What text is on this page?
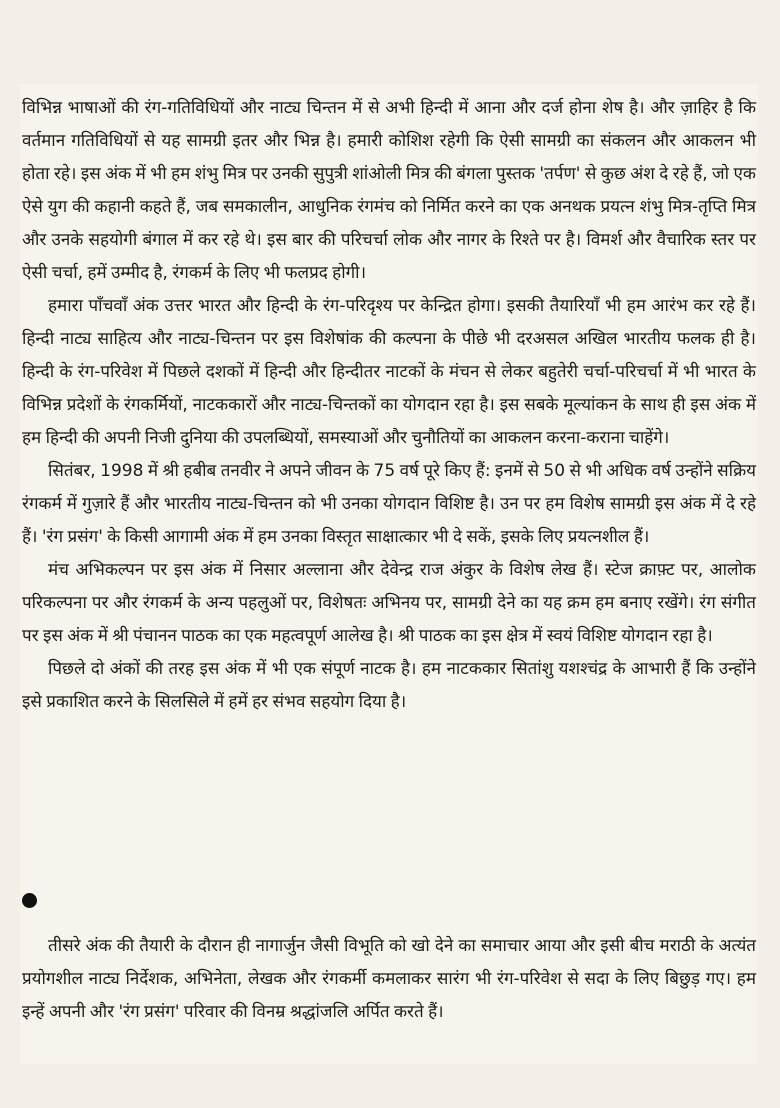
विभिन्न भाषाओं की रंग-गतिविधियों और नाट्य चिन्तन में से अभी हिन्दी में आना और दर्ज होना शेष है। और ज़ाहिर है कि वर्तमान गतिविधियों से यह सामग्री इतर और भिन्न है। हमारी कोशिश रहेगी कि ऐसी सामग्री का संकलन और आकलन भी होता रहे। इस अंक में भी हम शंभु मित्र पर उनकी सुपुत्री शांओली मित्र की बंगला पुस्तक 'तर्पण' से कुछ अंश दे रहे हैं, जो एक ऐसे युग की कहानी कहते हैं, जब समकालीन, आधुनिक रंगमंच को निर्मित करने का एक अनथक प्रयत्न शंभु मित्र-तृप्ति मित्र और उनके सहयोगी बंगाल में कर रहे थे। इस बार की परिचर्चा लोक और नागर के रिश्ते पर है। विमर्श और वैचारिक स्तर पर ऐसी चर्चा, हमें उम्मीद है, रंगकर्म के लिए भी फलप्रद होगी।

हमारा पाँचवाँ अंक उत्तर भारत और हिन्दी के रंग-परिदृश्य पर केन्द्रित होगा। इसकी तैयारियाँ भी हम आरंभ कर रहे हैं। हिन्दी नाट्य साहित्य और नाट्य-चिन्तन पर इस विशेषांक की कल्पना के पीछे भी दरअसल अखिल भारतीय फलक ही है। हिन्दी के रंग-परिवेश में पिछले दशकों में हिन्दी और हिन्दीतर नाटकों के मंचन से लेकर बहुतेरी चर्चा-परिचर्चा में भी भारत के विभिन्न प्रदेशों के रंगकर्मियों, नाटककारों और नाट्य-चिन्तकों का योगदान रहा है। इस सबके मूल्यांकन के साथ ही इस अंक में हम हिन्दी की अपनी निजी दुनिया की उपलब्धियों, समस्याओं और चुनौतियों का आकलन करना-कराना चाहेंगे।

सितंबर, 1998 में श्री हबीब तनवीर ने अपने जीवन के 75 वर्ष पूरे किए हैं: इनमें से 50 से भी अधिक वर्ष उन्होंने सक्रिय रंगकर्म में गुज़ारे हैं और भारतीय नाट्य-चिन्तन को भी उनका योगदान विशिष्ट है। उन पर हम विशेष सामग्री इस अंक में दे रहे हैं। 'रंग प्रसंग' के किसी आगामी अंक में हम उनका विस्तृत साक्षात्कार भी दे सकें, इसके लिए प्रयत्नशील हैं।

मंच अभिकल्पन पर इस अंक में निसार अल्लाना और देवेन्द्र राज अंकुर के विशेष लेख हैं। स्टेज क्राफ़्ट पर, आलोक परिकल्पना पर और रंगकर्म के अन्य पहलुओं पर, विशेषतः अभिनय पर, सामग्री देने का यह क्रम हम बनाए रखेंगे। रंग संगीत पर इस अंक में श्री पंचानन पाठक का एक महत्वपूर्ण आलेख है। श्री पाठक का इस क्षेत्र में स्वयं विशिष्ट योगदान रहा है।

पिछले दो अंकों की तरह इस अंक में भी एक संपूर्ण नाटक है। हम नाटककार सितांशु यशश्चंद्र के आभारी हैं कि उन्होंने इसे प्रकाशित करने के सिलसिले में हमें हर संभव सहयोग दिया है।

तीसरे अंक की तैयारी के दौरान ही नागार्जुन जैसी विभूति को खो देने का समाचार आया और इसी बीच मराठी के अत्यंत प्रयोगशील नाट्य निर्देशक, अभिनेता, लेखक और रंगकर्मी कमलाकर सारंग भी रंग-परिवेश से सदा के लिए बिछुड़ गए। हम इन्हें अपनी और 'रंग प्रसंग' परिवार की विनम्र श्रद्धांजलि अर्पित करते हैं।
